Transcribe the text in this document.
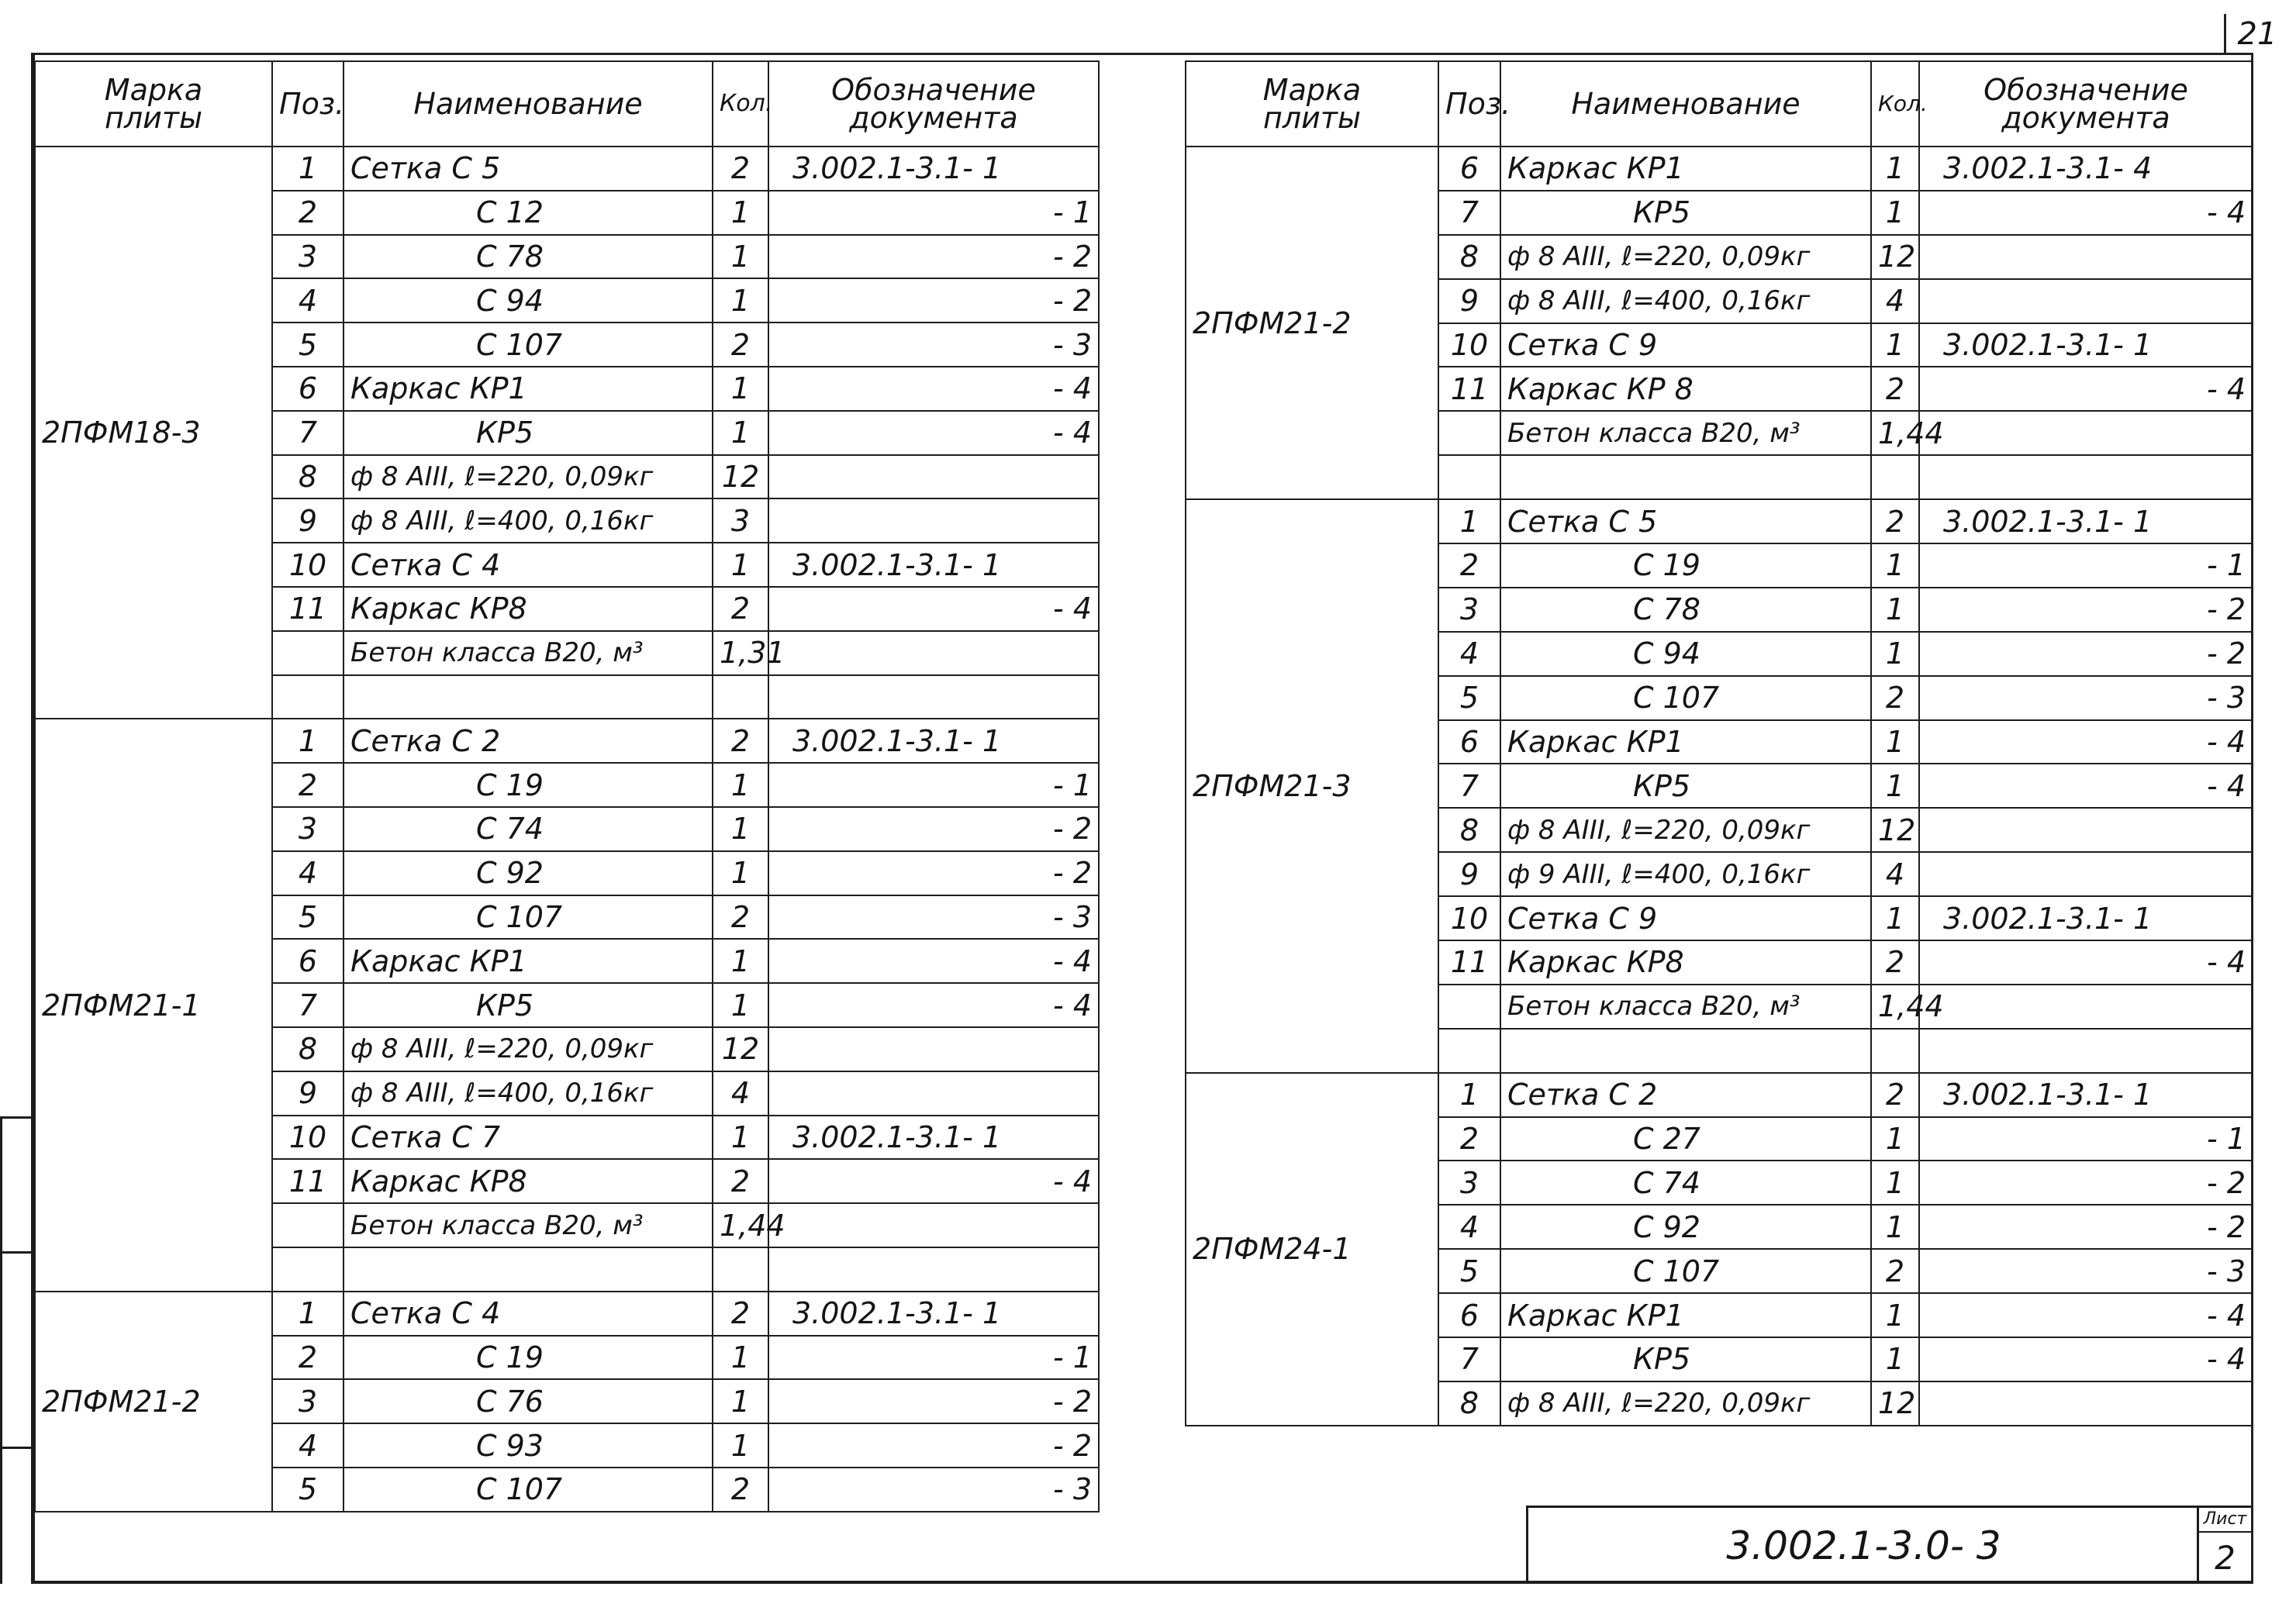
21
Марка
плиты	Поз.	Наименование	Кол.	Обозначение
документа
2ПФМ18-3	1	Сетка С 5	2	3.002.1-3.1- 1
	2	С 12	1	- 1
	3	С 78	1	- 2
	4	С 94	1	- 2
	5	С 107	2	- 3
	6	Каркас КР1	1	- 4
	7	КР5	1	- 4
	8	ф 8 АIII, ℓ=220, 0,09кг	12	
	9	ф 8 АIII, ℓ=400, 0,16кг	3	
	10	Сетка С 4	1	3.002.1-3.1- 1
	11	Каркас КР8	2	- 4
		Бетон класса В20, м³	1,31	

2ПФМ21-1	1	Сетка С 2	2	3.002.1-3.1- 1
	2	С 19	1	- 1
	3	С 74	1	- 2
	4	С 92	1	- 2
	5	С 107	2	- 3
	6	Каркас КР1	1	- 4
	7	КР5	1	- 4
	8	ф 8 АIII, ℓ=220, 0,09кг	12	
	9	ф 8 АIII, ℓ=400, 0,16кг	4	
	10	Сетка С 7	1	3.002.1-3.1- 1
	11	Каркас КР8	2	- 4
		Бетон класса В20, м³	1,44	

2ПФМ21-2	1	Сетка С 4	2	3.002.1-3.1- 1
	2	С 19	1	- 1
	3	С 76	1	- 2
	4	С 93	1	- 2
	5	С 107	2	- 3
Марка
плиты	Поз.	Наименование	Кол.	Обозначение
документа
2ПФМ21-2	6	Каркас КР1	1	3.002.1-3.1- 4
	7	КР5	1	- 4
	8	ф 8 АIII, ℓ=220, 0,09кг	12	
	9	ф 8 АIII, ℓ=400, 0,16кг	4	
	10	Сетка С 9	1	3.002.1-3.1- 1
	11	Каркас КР 8	2	- 4
		Бетон класса В20, м³	1,44	

2ПФМ21-3	1	Сетка С 5	2	3.002.1-3.1- 1
	2	С 19	1	- 1
	3	С 78	1	- 2
	4	С 94	1	- 2
	5	С 107	2	- 3
	6	Каркас КР1	1	- 4
	7	КР5	1	- 4
	8	ф 8 АIII, ℓ=220, 0,09кг	12	
	9	ф 9 АIII, ℓ=400, 0,16кг	4	
	10	Сетка С 9	1	3.002.1-3.1- 1
	11	Каркас КР8	2	- 4
		Бетон класса В20, м³	1,44	

2ПФМ24-1	1	Сетка С 2	2	3.002.1-3.1- 1
	2	С 27	1	- 1
	3	С 74	1	- 2
	4	С 92	1	- 2
	5	С 107	2	- 3
	6	Каркас КР1	1	- 4
	7	КР5	1	- 4
	8	ф 8 АIII, ℓ=220, 0,09кг	12	
3.002.1-3.0- 3
Лист
2
